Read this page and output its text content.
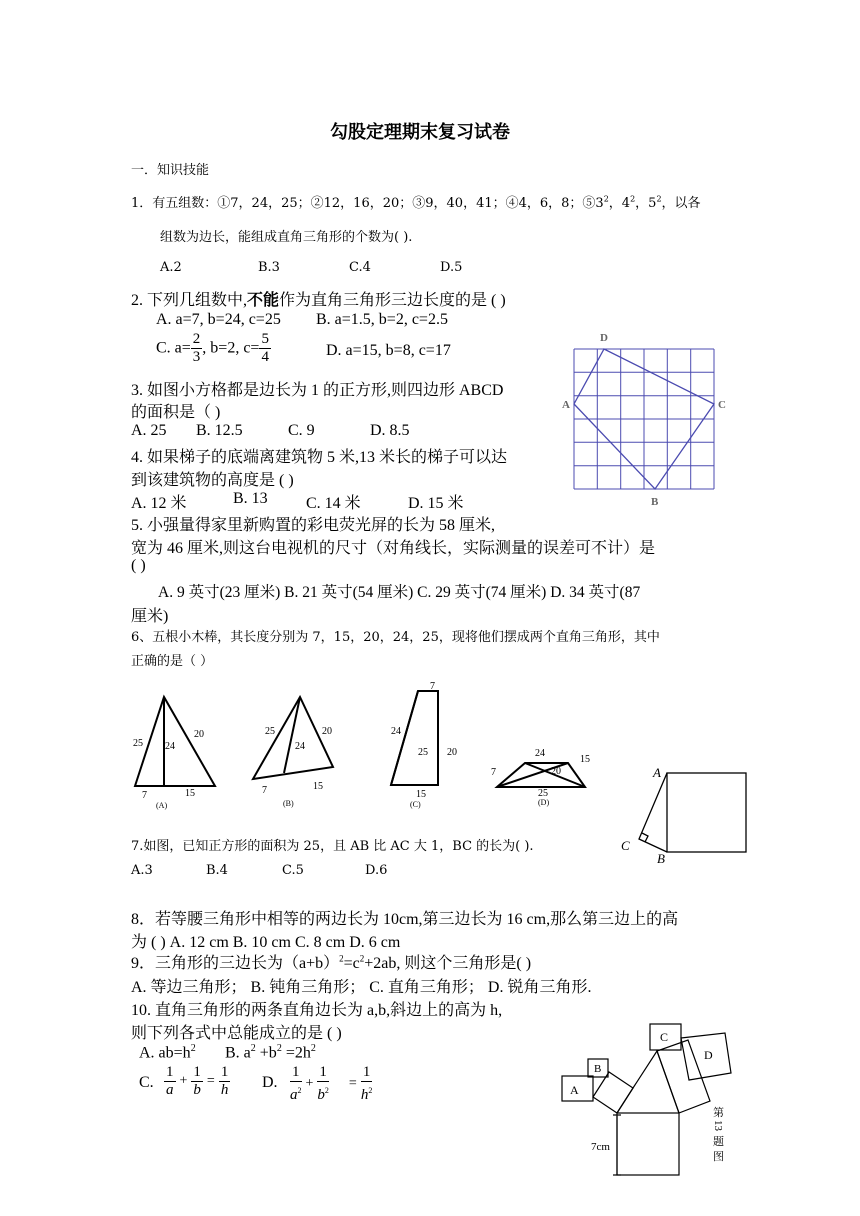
勾股定理期末复习试卷
一．知识技能
1．有五组数：①7，24，25；②12，16，20；③9，40，41；④4，6，8；$⑤3^2$，$4^2$，$5^2$，以各
组数为边长，能组成直角三角形的个数为( ).
A.2	B.3	C.4	D.5
2. 下列几组数中,不能作为直角三角形三边长度的是 ( )
A. a=7, b=24, c=25 B. a=1.5, b=2, c=2.5
C. $a= \frac{2}{3}$ , b=2, $c= \frac{5}{4}$	D. a=15, b=8, c=17
3. 如图小方格都是边长为 1 的正方形,则四边形 ABCD
的面积是（ )
A. 25 B. 12.5	C. 9	D. 8.5
A
D
C
B
4. 如果梯子的底端离建筑物 5 米,13 米长的梯子可以达
到该建筑物的高度是 ( )
A. 12 米	B. 13 C. 14 米	D. 15 米
5. 小强量得家里新购置的彩电荧光屏的长为 58 厘米,
宽为 46 厘米,则这台电视机的尺寸（对角线长，实际测量的误差可不计）是
( )
A. 9 英寸(23 厘米) B. 21 英寸(54 厘米) C. 29 英寸(74 厘米) D. 34 英寸(87
厘米)
6、五根小木棒，其长度分别为 7，15，20，24，25，现将他们摆成两个直角三角形，其中
正确的是（ ）
25 24
20
7	15
(A)
25
24
20
7	15
(B)
7
24
25 20
15
(C)
24
15
7	20
25
(D)
A
C
B
7.如图，已知正方形的面积为 25，且 AB 比 AC 大 1，BC 的长为( ).
A.3	B.4	C.5	D.6
8．若等腰三角形中相等的两边长为 10cm,第三边长为 16 cm,那么第三边上的高
为 ( ) A. 12 cm B. 10 cm C. 8 cm D. 6 cm
9．三角形的三边长为$(a+b)^2=c^2+2ab$, 则这个三角形是( )
A. 等边三角形； B. 钝角三角形； C. 直角三角形； D. 锐角三角形.
10. 直角三角形的两条直角边长为 a,b,斜边上的高为 h,
则下列各式中总能成立的是 ( )
A. $ab=h^2$ B. $a^2 +b^2 =2h^2$
C. $\frac{1}{a} + \frac{1}{b} = \frac{1}{h} D$. $\frac{1}{a^2} + \frac{1}{b^2} = \frac{1}{h^2}$	A
B
C
D
7cm
第
13
题
图
